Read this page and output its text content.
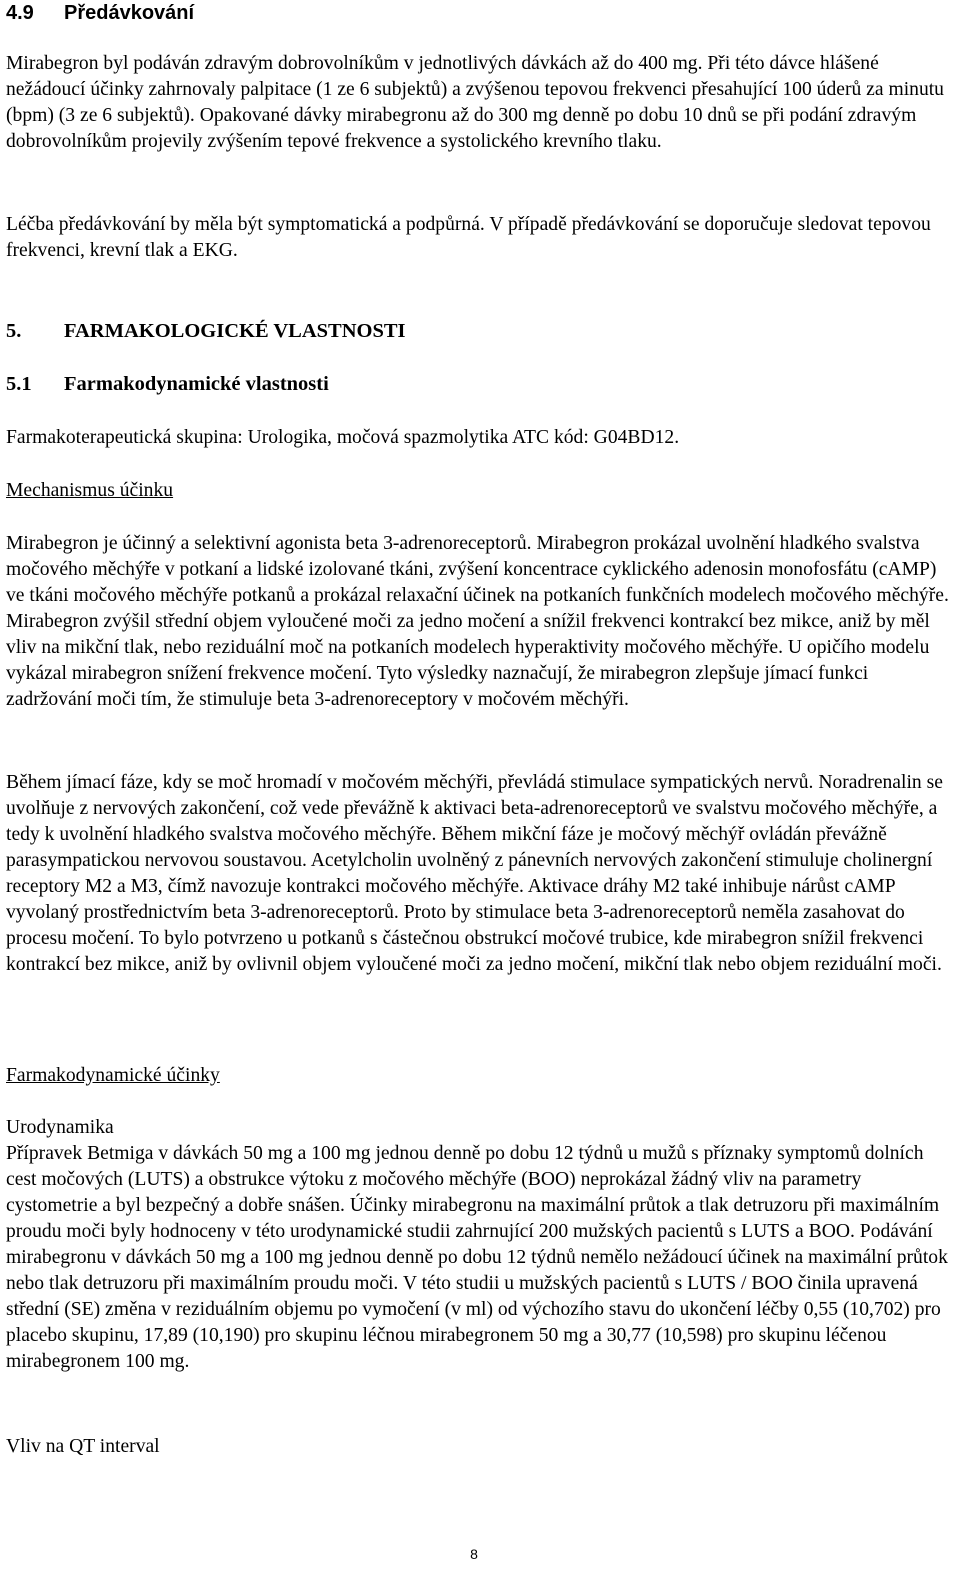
4.9 Předávkování

Mirabegron byl podáván zdravým dobrovolníkům v jednotlivých dávkách až do 400 mg. Při této dávce hlášené nežádoucí účinky zahrnovaly palpitace (1 ze 6 subjektů) a zvýšenou tepovou frekvenci přesahující 100 úderů za minutu (bpm) (3 ze 6 subjektů). Opakované dávky mirabegronu až do 300 mg denně po dobu 10 dnů se při podání zdravým dobrovolníkům projevily zvýšením tepové frekvence a systolického krevního tlaku.

Léčba předávkování by měla být symptomatická a podpůrná. V případě předávkování se doporučuje sledovat tepovou frekvenci, krevní tlak a EKG.

5. FARMAKOLOGICKÉ VLASTNOSTI
5.1 Farmakodynamické vlastnosti

Farmakoterapeutická skupina: Urologika, močová spazmolytika ATC kód: G04BD12.

Mechanismus účinku

Mirabegron je účinný a selektivní agonista beta 3-adrenoreceptorů. Mirabegron prokázal uvolnění hladkého svalstva močového měchýře v potkaní a lidské izolované tkáni, zvýšení koncentrace cyklického adenosin monofosfátu (cAMP) ve tkáni močového měchýře potkanů a prokázal relaxační účinek na potkaních funkčních modelech močového měchýře. Mirabegron zvýšil střední objem vyloučené moči za jedno močení a snížil frekvenci kontrakcí bez mikce, aniž by měl vliv na mikční tlak, nebo reziduální moč na potkaních modelech hyperaktivity močového měchýře. U opičího modelu vykázal mirabegron snížení frekvence močení. Tyto výsledky naznačují, že mirabegron zlepšuje jímací funkci zadržování moči tím, že stimuluje beta 3-adrenoreceptory v močovém měchýři.

Během jímací fáze, kdy se moč hromadí v močovém měchýři, převládá stimulace sympatických nervů. Noradrenalin se uvolňuje z nervových zakončení, což vede převážně k aktivaci beta-adrenoreceptorů ve svalstvu močového měchýře, a tedy k uvolnění hladkého svalstva močového měchýře. Během mikční fáze je močový měchýř ovládán převážně parasympatickou nervovou soustavou. Acetylcholin uvolněný z pánevních nervových zakončení stimuluje cholinergní receptory M2 a M3, čímž navozuje kontrakci močového měchýře. Aktivace dráhy M2 také inhibuje nárůst cAMP vyvolaný prostřednictvím beta 3-adrenoreceptorů. Proto by stimulace beta 3-adrenoreceptorů neměla zasahovat do procesu močení. To bylo potvrzeno u potkanů s částečnou obstrukcí močové trubice, kde mirabegron snížil frekvenci kontrakcí bez mikce, aniž by ovlivnil objem vyloučené moči za jedno močení, mikční tlak nebo objem reziduální moči.

Farmakodynamické účinky

Urodynamika

Přípravek Betmiga v dávkách 50 mg a 100 mg jednou denně po dobu 12 týdnů u mužů s příznaky symptomů dolních cest močových (LUTS) a obstrukce výtoku z močového měchýře (BOO) neprokázal žádný vliv na parametry cystometrie a byl bezpečný a dobře snášen. Účinky mirabegronu na maximální průtok a tlak detruzoru při maximálním proudu moči byly hodnoceny v této urodynamické studii zahrnující 200 mužských pacientů s LUTS a BOO. Podávání mirabegronu v dávkách 50 mg a 100 mg jednou denně po dobu 12 týdnů nemělo nežádoucí účinek na maximální průtok nebo tlak detruzoru při maximálním proudu moči. V této studii u mužských pacientů s LUTS / BOO činila upravená střední (SE) změna v reziduálním objemu po vymočení (v ml) od výchozího stavu do ukončení léčby 0,55 (10,702) pro placebo skupinu, 17,89 (10,190) pro skupinu léčnou mirabegronem 50 mg a 30,77 (10,598) pro skupinu léčenou mirabegronem 100 mg.

Vliv na QT interval

8
